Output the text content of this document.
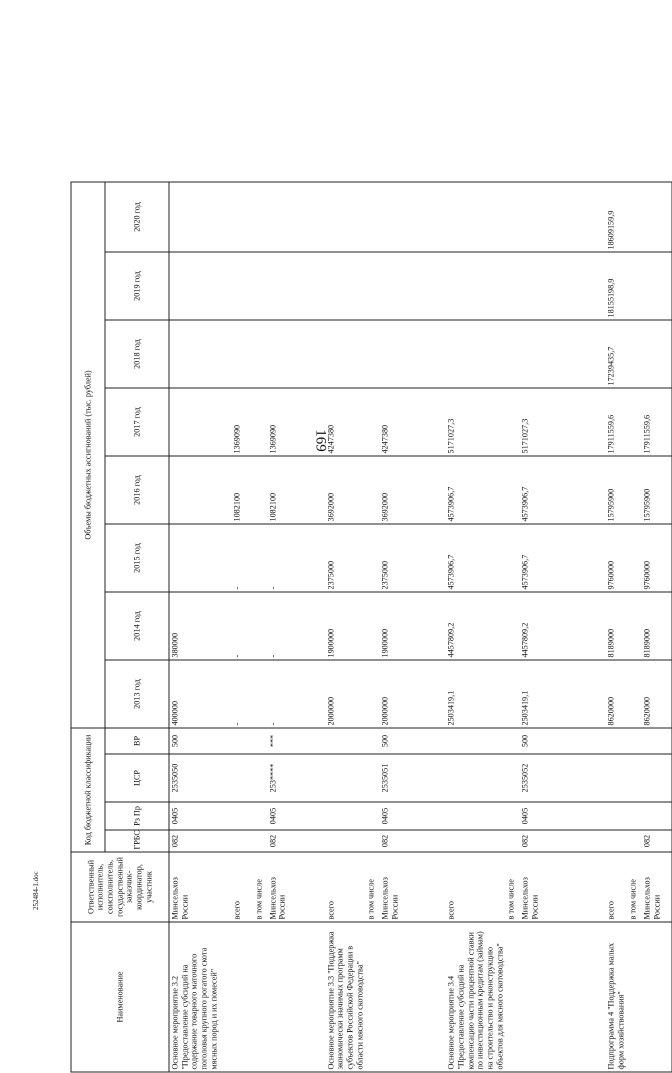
169
252484-1.doc
Наименование	Ответственный исполнитель, соисполнитель, государственный заказчик-координатор, участник	Код бюджетной классификации				Объемы бюджетных ассигнований (тыс. рублей)							
		ГРБС	Рз Пр	ЦСР	ВР	2013 год	2014 год	2015 год	2016 год	2017 год	2018 год	2019 год	2020 год
Основное мероприятие 3.2 "Предоставление субсидий на содержание товарного маточного поголовья крупного рогатого скота мясных пород и их помесей"	Минсельхоз России	082	0405	2535050	500	400000	380000						
	всего					-	-	-	1082100	1369090			
	в том числе												
	Минсельхоз России	082	0405	253****	***	-	-	-	1082100	1369090			
Основное мероприятие 3.3 "Поддержка экономически значимых программ субъектов Российской Федерации в области мясного скотоводства"	всего					2000000	1900000	2375000	3692000	4247380			
	в том числе												
	Минсельхоз России	082	0405	2535051	500	2000000	1900000	2375000	3692000	4247380			
Основное мероприятие 3.4 "Предоставление субсидий на компенсацию части процентной ставки по инвестиционным кредитам (займам) на строительство и реконструкцию объектов для мясного скотоводства"	всего					2503419,1	4457809,2	4573906,7	4573906,7	5171027,3			
	в том числе												
	Минсельхоз России	082	0405	2535052	500	2503419,1	4457809,2	4573906,7	4573906,7	5171027,3			
Подпрограмма 4 "Поддержка малых форм хозяйствования"	всего					8620000	8189000	9760000	15795900	17911559,6	17239435,7	18155198,9	18609159,9
	в том числе												
	Минсельхоз России	082				8620000	8189000	9760000	15795900	17911559,6			
